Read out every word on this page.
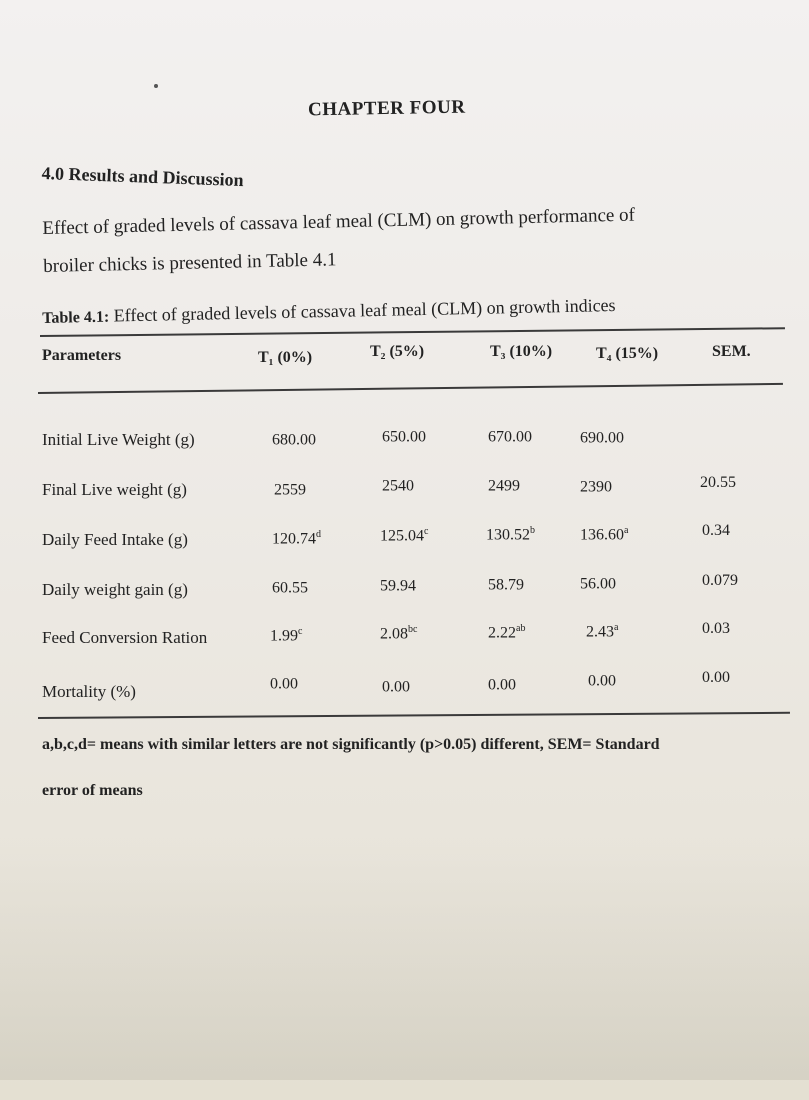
CHAPTER FOUR
4.0 Results and Discussion
Effect of graded levels of cassava leaf meal (CLM) on growth performance of
broiler chicks is presented in Table 4.1
Table 4.1: Effect of graded levels of cassava leaf meal (CLM) on growth indices
Parameters	T₁ (0%)	T₂ (5%)	T₃ (10%)	T₄ (15%)	SEM.
Initial Live Weight (g)	680.00	650.00	670.00	690.00
Final Live weight (g)	2559	2540	2499	2390	20.55
Daily Feed Intake (g)	120.74$^d$	125.04$^c$	130.52$^b$	136.60$^a$	0.34
Daily weight gain (g)	60.55	59.94	58.79	56.00	0.079
Feed Conversion Ration	1.99$^c$	2.08$^{bc}$	2.22$^{ab}$	2.43$^a$	0.03
Mortality (%)	0.00	0.00	0.00	0.00	0.00
a,b,c,d= means with similar letters are not significantly (p>0.05) different, SEM= Standard
error of means
